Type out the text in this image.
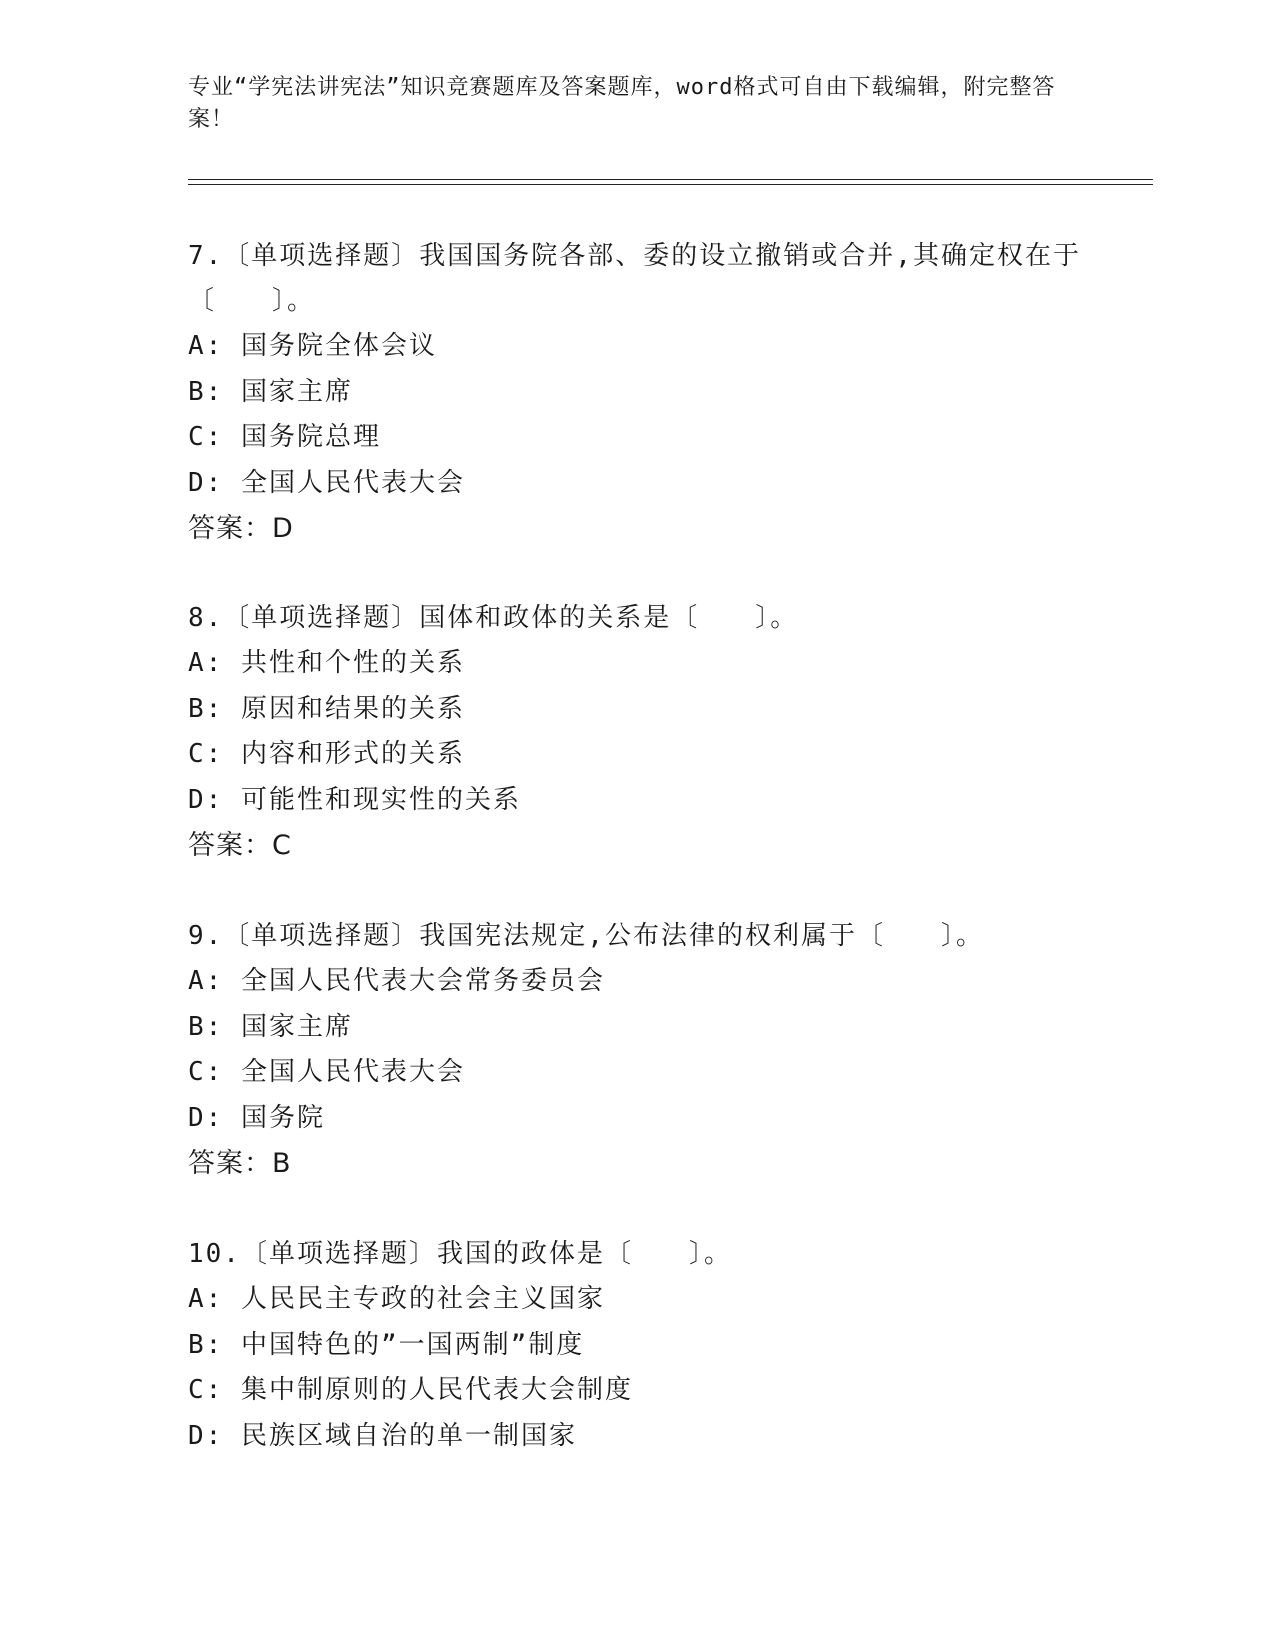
专业“学宪法讲宪法”知识竞赛题库及答案题库，word格式可自由下载编辑，附完整答案！
7.〔单项选择题〕我国国务院各部、委的设立撤销或合并,其确定权在于〔　　〕。
A: 国务院全体会议
B: 国家主席
C: 国务院总理
D: 全国人民代表大会
答案：D
8.〔单项选择题〕国体和政体的关系是〔　　〕。
A: 共性和个性的关系
B: 原因和结果的关系
C: 内容和形式的关系
D: 可能性和现实性的关系
答案：C
9.〔单项选择题〕我国宪法规定,公布法律的权利属于〔　　〕。
A: 全国人民代表大会常务委员会
B: 国家主席
C: 全国人民代表大会
D: 国务院
答案：B
10.〔单项选择题〕我国的政体是〔　　〕。
A: 人民民主专政的社会主义国家
B: 中国特色的”一国两制”制度
C: 集中制原则的人民代表大会制度
D: 民族区域自治的单一制国家
